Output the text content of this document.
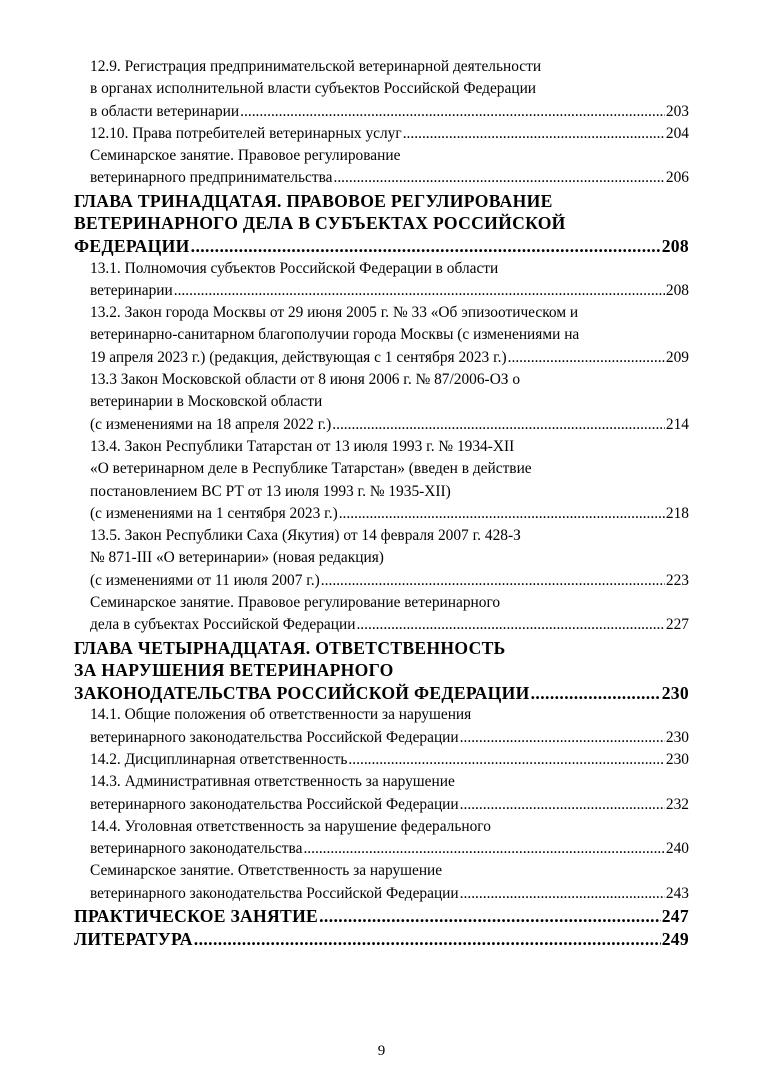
12.9. Регистрация предпринимательской ветеринарной деятельности
в органах исполнительной власти субъектов Российской Федерации
в области ветеринарии .....	203
12.10. Права потребителей ветеринарных услуг .....	204
Семинарское занятие. Правовое регулирование
ветеринарного предпринимательства .....	206
ГЛАВА ТРИНАДЦАТАЯ. ПРАВОВОЕ РЕГУЛИРОВАНИЕ
ВЕТЕРИНАРНОГО ДЕЛА В СУБЪЕКТАХ РОССИЙСКОЙ
ФЕДЕРАЦИИ .....	208
13.1. Полномочия субъектов Российской Федерации в области
ветеринарии .....	208
13.2. Закон города Москвы от 29 июня 2005 г. № 33 «Об эпизоотическом и
ветеринарно-санитарном благополучии города Москвы (с изменениями на
19 апреля 2023 г.) (редакция, действующая с 1 сентября 2023 г.) .....	209
13.3 Закон Московской области от 8 июня 2006 г. № 87/2006-ОЗ о
ветеринарии в Московской области
(с изменениями на 18 апреля 2022 г.) .....	214
13.4. Закон Республики Татарстан от 13 июля 1993 г. № 1934-XII
«О ветеринарном деле в Республике Татарстан» (введен в действие
постановлением ВС РТ от 13 июля 1993 г. № 1935-XII)
(с изменениями на 1 сентября 2023 г.) .....	218
13.5. Закон Республики Саха (Якутия) от 14 февраля 2007 г. 428-З
№ 871-III «О ветеринарии» (новая редакция)
(с изменениями от 11 июля 2007 г.) .....	223
Семинарское занятие. Правовое регулирование ветеринарного
дела в субъектах Российской Федерации .....	227
ГЛАВА ЧЕТЫРНАДЦАТАЯ. ОТВЕТСТВЕННОСТЬ
ЗА НАРУШЕНИЯ ВЕТЕРИНАРНОГО
ЗАКОНОДАТЕЛЬСТВА РОССИЙСКОЙ ФЕДЕРАЦИИ .....	230
14.1. Общие положения об ответственности за нарушения
ветеринарного законодательства Российской Федерации .....	230
14.2. Дисциплинарная ответственность .....	230
14.3. Административная ответственность за нарушение
ветеринарного законодательства Российской Федерации .....	232
14.4. Уголовная ответственность за нарушение федерального
ветеринарного законодательства .....	240
Семинарское занятие. Ответственность за нарушение
ветеринарного законодательства Российской Федерации .....	243
ПРАКТИЧЕСКОЕ ЗАНЯТИЕ .....	247
ЛИТЕРАТУРА .....	249
9
